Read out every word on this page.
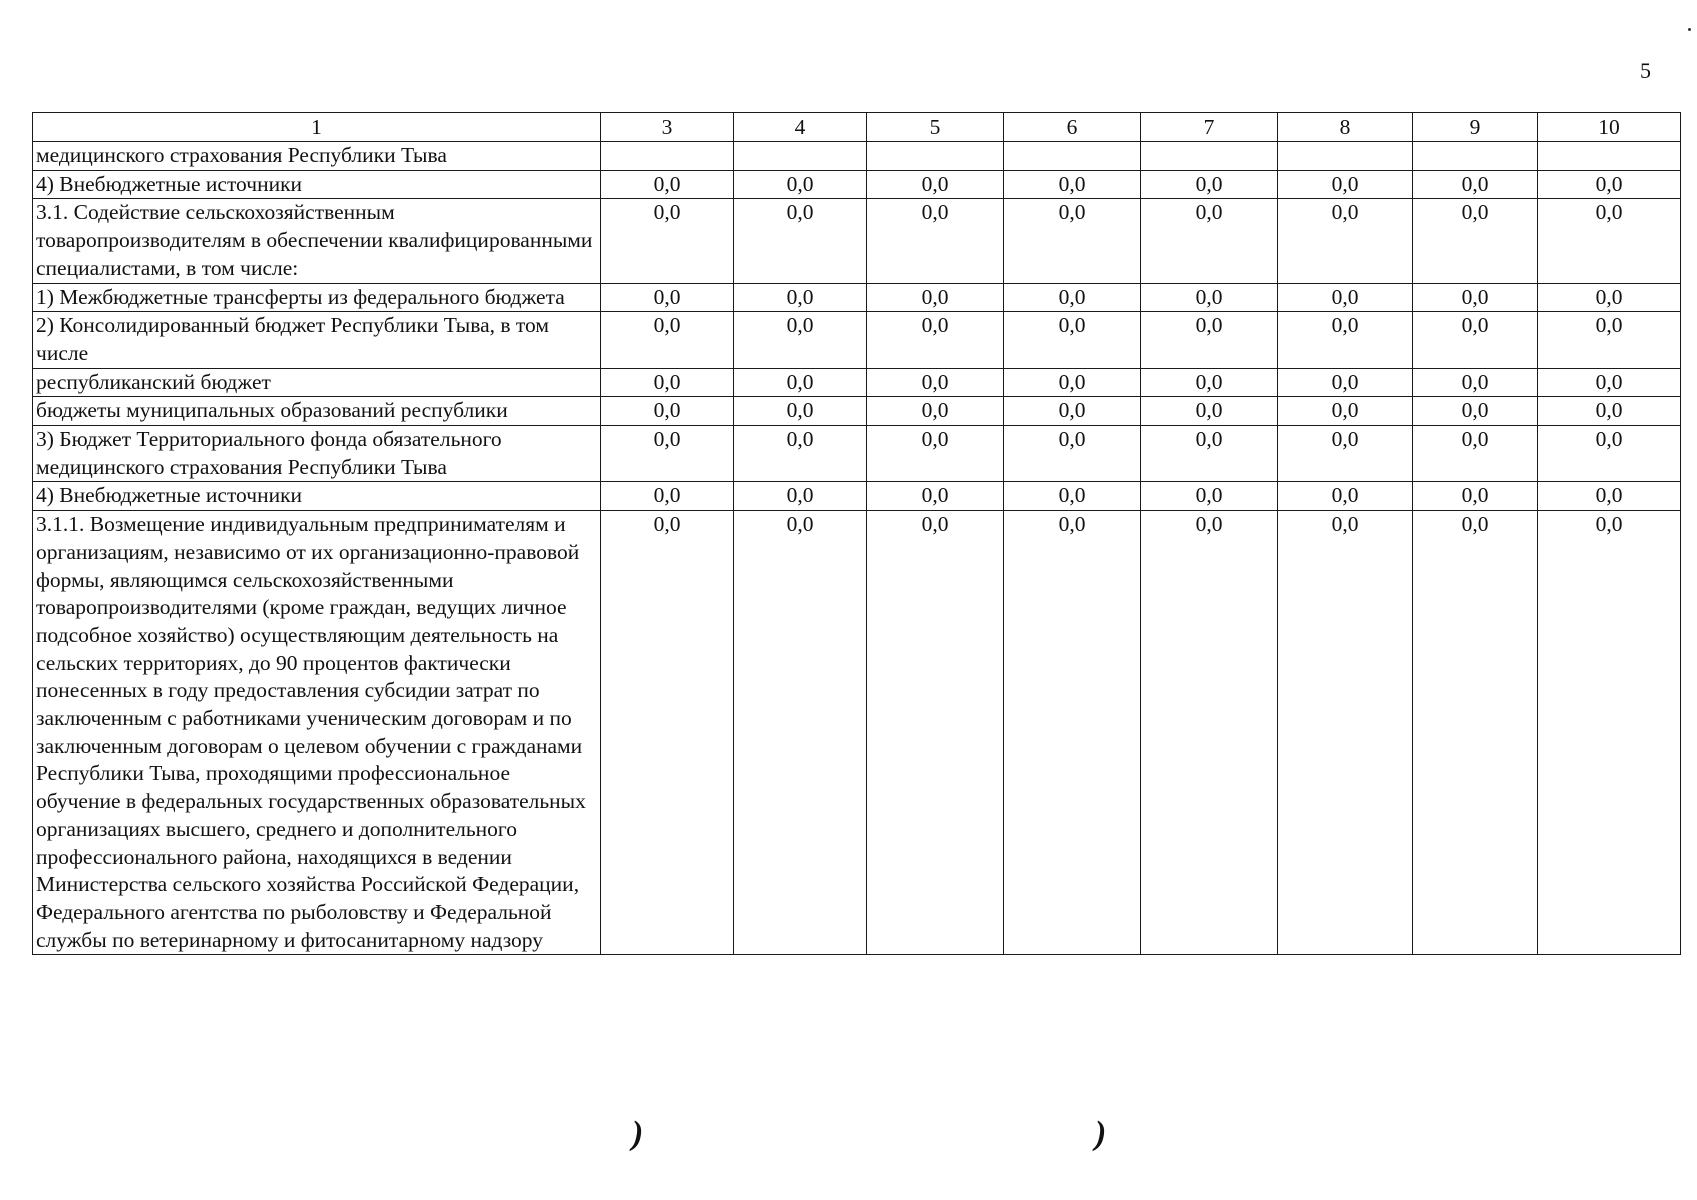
5
1	3	4	5	6	7	8	9	10
медицинского страхования Республики Тыва								
4) Внебюджетные источники	0,0	0,0	0,0	0,0	0,0	0,0	0,0	0,0
3.1. Содействие сельскохозяйственным товаропроизводителям в обеспечении квалифицированными специалистами, в том числе:	0,0	0,0	0,0	0,0	0,0	0,0	0,0	0,0
1) Межбюджетные трансферты из федерального бюджета	0,0	0,0	0,0	0,0	0,0	0,0	0,0	0,0
2) Консолидированный бюджет Республики Тыва, в том числе	0,0	0,0	0,0	0,0	0,0	0,0	0,0	0,0
республиканский бюджет	0,0	0,0	0,0	0,0	0,0	0,0	0,0	0,0
бюджеты муниципальных образований республики	0,0	0,0	0,0	0,0	0,0	0,0	0,0	0,0
3) Бюджет Территориального фонда обязательного медицинского страхования Республики Тыва	0,0	0,0	0,0	0,0	0,0	0,0	0,0	0,0
4) Внебюджетные источники	0,0	0,0	0,0	0,0	0,0	0,0	0,0	0,0
3.1.1. Возмещение индивидуальным предпринимателям и организациям, независимо от их организационно-правовой формы, являющимся сельскохозяйственными товаропроизводителями (кроме граждан, ведущих личное подсобное хозяйство) осуществляющим деятельность на сельских территориях, до 90 процентов фактически понесенных в году предоставления субсидии затрат по заключенным с работниками ученическим договорам и по заключенным договорам о целевом обучении с гражданами Республики Тыва, проходящими профессиональное обучение в федеральных государственных образовательных организациях высшего, среднего и дополнительного профессионального района, находящихся в ведении Министерства сельского хозяйства Российской Федерации, Федерального агентства по рыболовству и Федеральной службы по ветеринарному и фитосанитарному надзору	0,0	0,0	0,0	0,0	0,0	0,0	0,0	0,0
)	)
